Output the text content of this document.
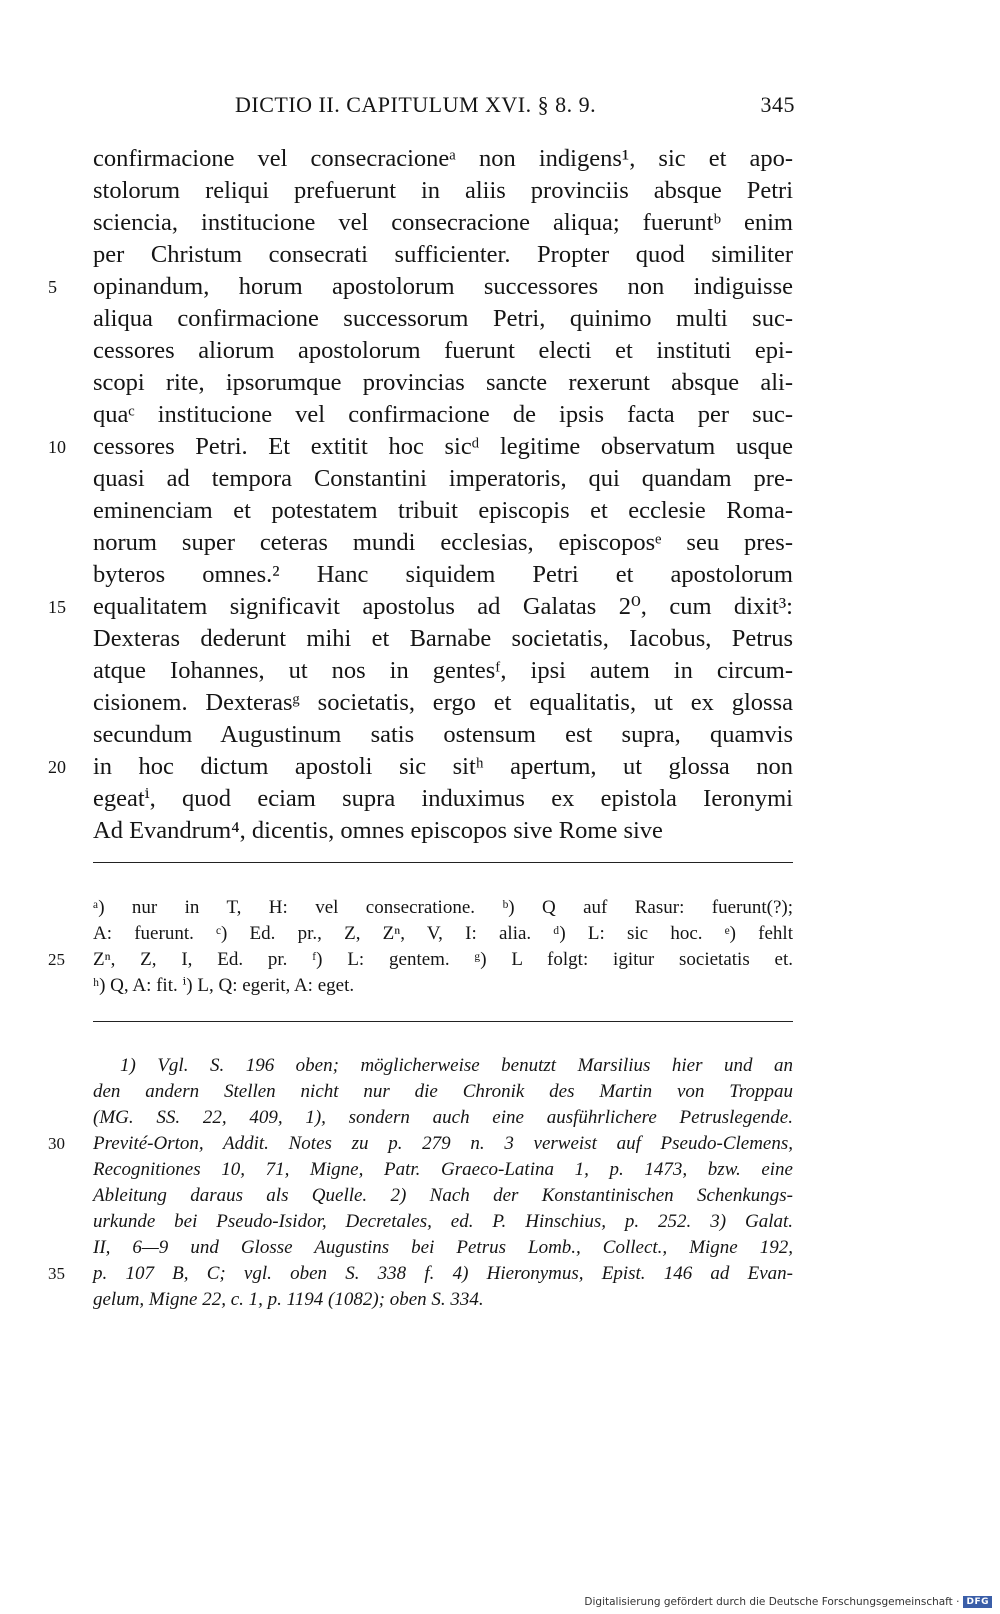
DICTIO II. CAPITULUM XVI. § 8. 9.	345
confirmacione vel consecracioneᵃ non indigens¹, sic et apo-
stolorum reliqui prefuerunt in aliis provinciis absque Petri
sciencia, institucione vel consecracione aliqua; fueruntᵇ enim
per Christum consecrati sufficienter. Propter quod similiter
opinandum, horum apostolorum successores non indiguisse
aliqua confirmacione successorum Petri, quinimo multi suc-
cessores aliorum apostolorum fuerunt electi et instituti epi-
scopi rite, ipsorumque provincias sancte rexerunt absque ali-
quaᶜ institucione vel confirmacione de ipsis facta per suc-
cessores Petri. Et extitit hoc sicᵈ legitime observatum usque
quasi ad tempora Constantini imperatoris, qui quandam pre-
eminenciam et potestatem tribuit episcopis et ecclesie Roma-
norum super ceteras mundi ecclesias, episcoposᵉ seu pres-
byteros omnes.² Hanc siquidem Petri et apostolorum
equalitatem significavit apostolus ad Galatas 2⁰, cum dixit³:
Dexteras dederunt mihi et Barnabe societatis, Iacobus, Petrus
atque Iohannes, ut nos in gentesᶠ, ipsi autem in circum-
cisionem. Dexterasᵍ societatis, ergo et equalitatis, ut ex glossa
secundum Augustinum satis ostensum est supra, quamvis
in hoc dictum apostoli sic sitʰ apertum, ut glossa non
egeatⁱ, quod eciam supra induximus ex epistola Ieronymi
Ad Evandrum⁴, dicentis, omnes episcopos sive Rome sive
5
10
15
20
ᵃ) nur in T, H: vel consecratione. ᵇ) Q auf Rasur: fuerunt(?);
A: fuerunt. ᶜ) Ed. pr., Z, Zⁿ, V, I: alia. ᵈ) L: sic hoc. ᵉ) fehlt
Zⁿ, Z, I, Ed. pr. ᶠ) L: gentem. ᵍ) L folgt: igitur societatis et.
ʰ) Q, A: fit. ⁱ) L, Q: egerit, A: eget.
25
1) Vgl. S. 196 oben; möglicherweise benutzt Marsilius hier und an
den andern Stellen nicht nur die Chronik des Martin von Troppau
(MG. SS. 22, 409, 1), sondern auch eine ausführlichere Petruslegende.
Previté-Orton, Addit. Notes zu p. 279 n. 3 verweist auf Pseudo-Clemens,
Recognitiones 10, 71, Migne, Patr. Graeco-Latina 1, p. 1473, bzw. eine
Ableitung daraus als Quelle. 2) Nach der Konstantinischen Schenkungs-
urkunde bei Pseudo-Isidor, Decretales, ed. P. Hinschius, p. 252. 3) Galat.
II, 6—9 und Glosse Augustins bei Petrus Lomb., Collect., Migne 192,
p. 107 B, C; vgl. oben S. 338 f. 4) Hieronymus, Epist. 146 ad Evan-
gelum, Migne 22, c. 1, p. 1194 (1082); oben S. 334.
30
35
Digitalisierung gefördert durch die Deutsche Forschungsgemeinschaft · DFG
